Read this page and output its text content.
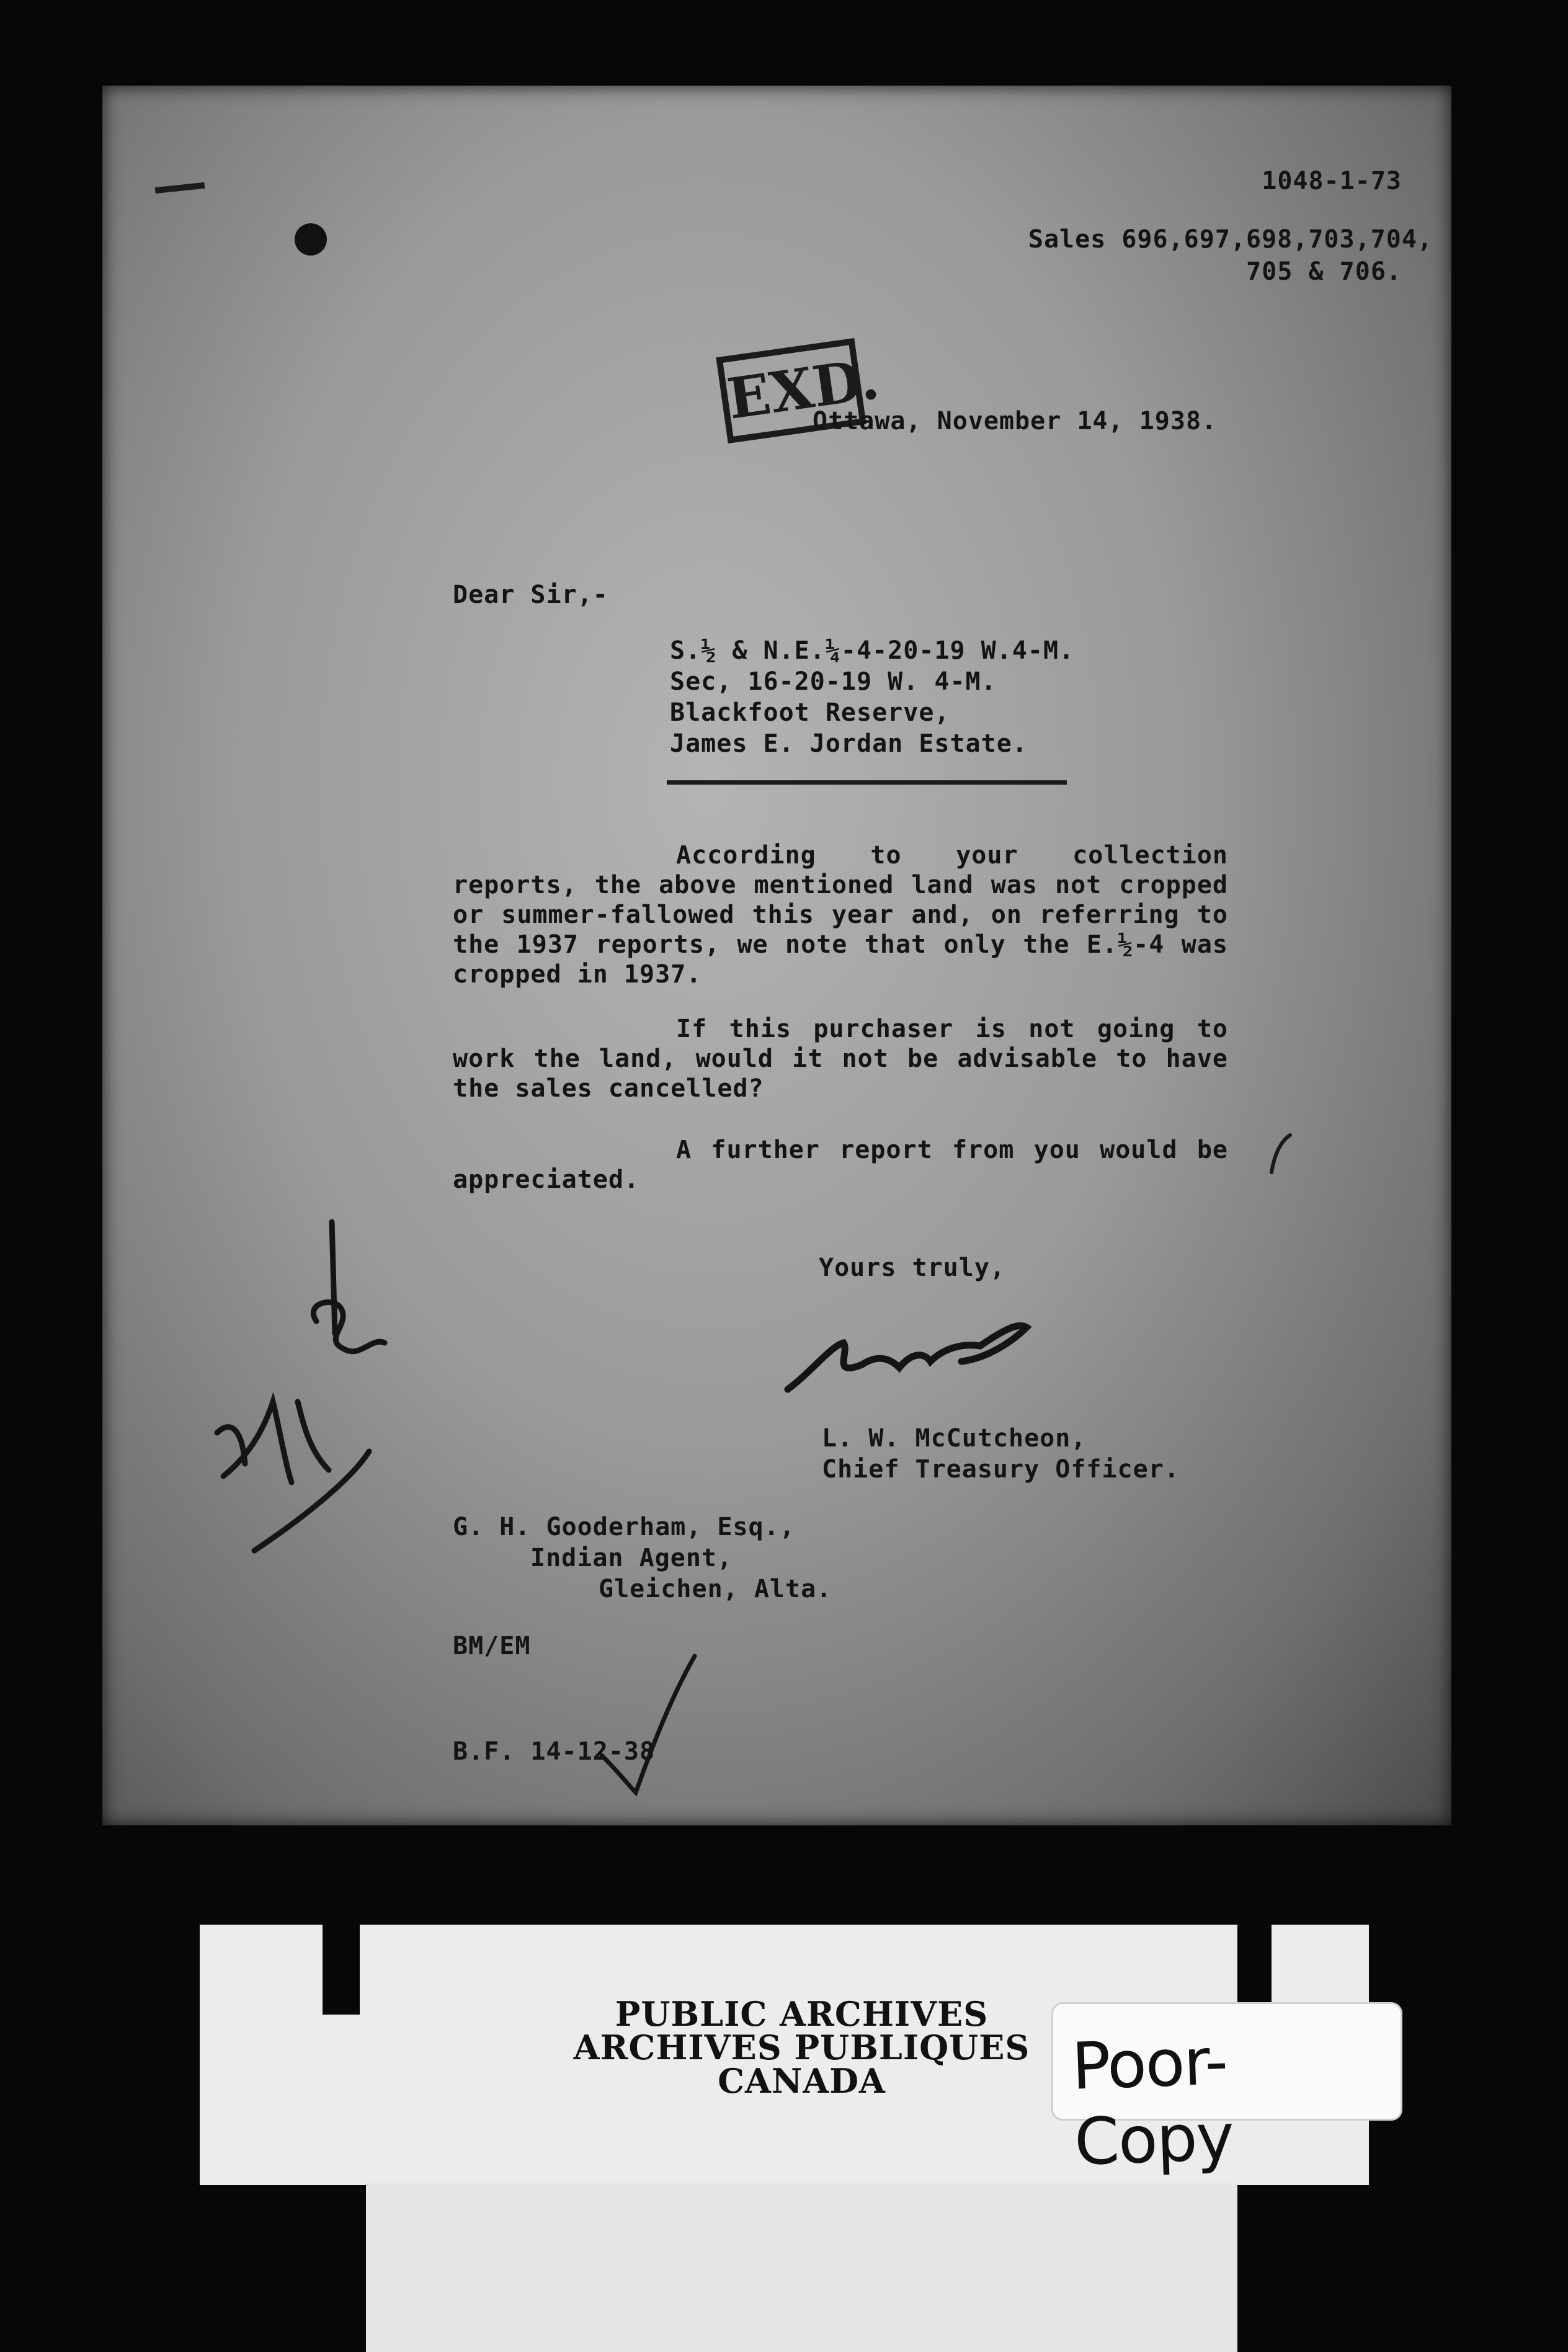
1048-1-73
Sales 696,697,698,703,704,
705 & 706.
EXD.
Ottawa, November 14, 1938.
Dear Sir,-
S.½ & N.E.¼-4-20-19 W.4-M.
Sec, 16-20-19 W. 4-M.
Blackfoot Reserve,
James E. Jordan Estate.
According to your collection reports, the above mentioned land was not cropped or summer-fallowed this year and, on referring to the 1937 reports, we note that only the E.½-4 was cropped in 1937.
If this purchaser is not going to work the land, would it not be advisable to have the sales cancelled?
A further report from you would be appreciated.
Yours truly,
L. W. McCutcheon,
Chief Treasury Officer.
G. H. Gooderham, Esq.,
Indian Agent,
Gleichen, Alta.
BM/EM
B.F. 14-12-38
PUBLIC ARCHIVES
ARCHIVES PUBLIQUES
CANADA	Poor-Copy
